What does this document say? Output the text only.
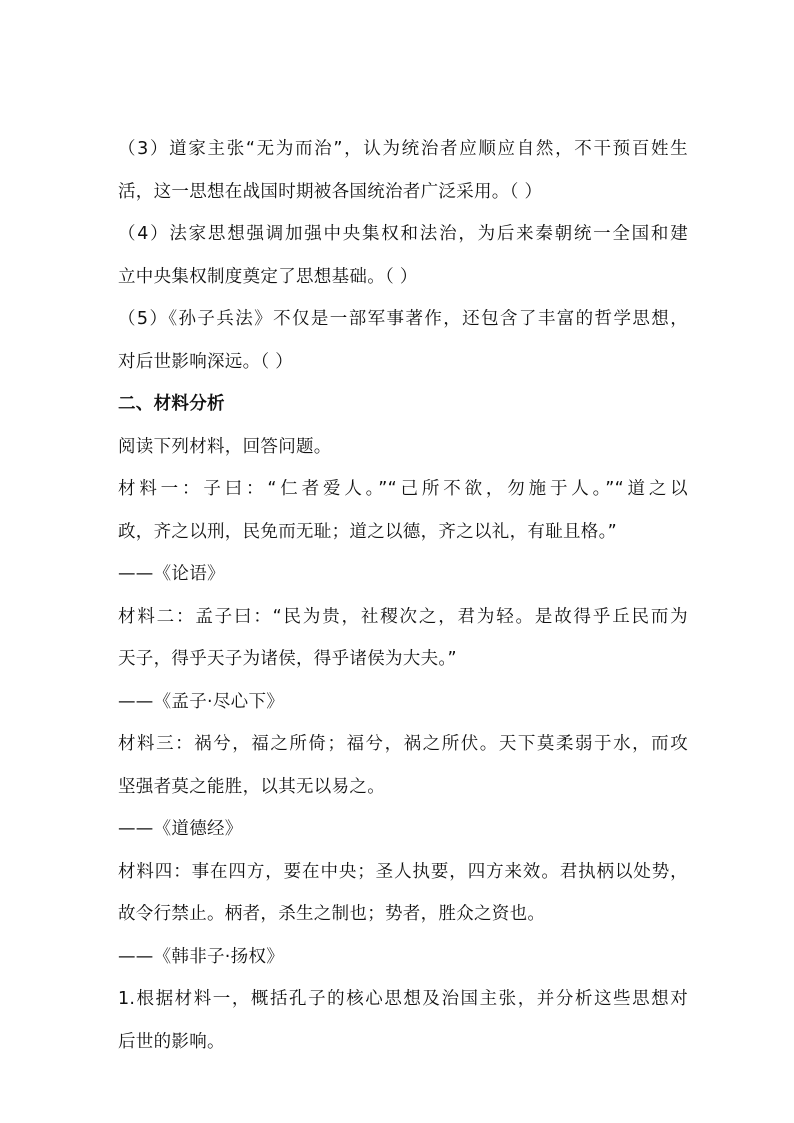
（3）道家主张“无为而治”，认为统治者应顺应自然，不干预百姓生
活，这一思想在战国时期被各国统治者广泛采用。（ ）
（4）法家思想强调加强中央集权和法治，为后来秦朝统一全国和建
立中央集权制度奠定了思想基础。（ ）
（5）《孙子兵法》不仅是一部军事著作，还包含了丰富的哲学思想，
对后世影响深远。（ ）
二、材料分析
阅读下列材料，回答问题。
材料一：子曰：“仁者爱人。”“己所不欲，勿施于人。”“道之以
政，齐之以刑，民免而无耻；道之以德，齐之以礼，有耻且格。”
——《论语》
材料二：孟子曰：“民为贵，社稷次之，君为轻。是故得乎丘民而为
天子，得乎天子为诸侯，得乎诸侯为大夫。”
——《孟子·尽心下》
材料三：祸兮，福之所倚；福兮，祸之所伏。天下莫柔弱于水，而攻
坚强者莫之能胜，以其无以易之。
——《道德经》
材料四：事在四方，要在中央；圣人执要，四方来效。君执柄以处势，
故令行禁止。柄者，杀生之制也；势者，胜众之资也。
——《韩非子·扬权》
1.根据材料一，概括孔子的核心思想及治国主张，并分析这些思想对
后世的影响。
